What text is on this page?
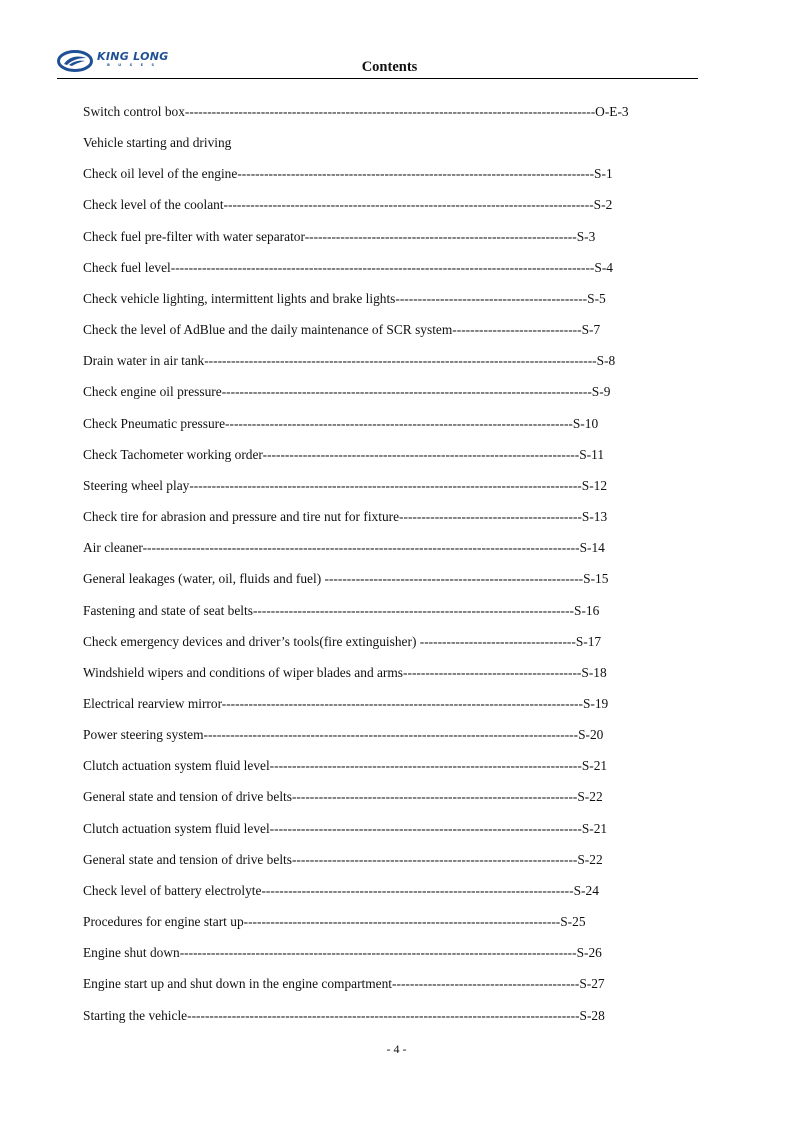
KING LONG
BUSES	Contents
Switch control box--------------------------------------------------------------------------------------------O-E-3
Vehicle starting and driving
Check oil level of the engine--------------------------------------------------------------------------------S-1
Check level of the coolant-----------------------------------------------------------------------------------S-2
Check fuel pre-filter with water separator-------------------------------------------------------------S-3
Check fuel level-----------------------------------------------------------------------------------------------S-4
Check vehicle lighting, intermittent lights and brake lights-------------------------------------------S-5
Check the level of AdBlue and the daily maintenance of SCR system-----------------------------S-7
Drain water in air tank----------------------------------------------------------------------------------------S-8
Check engine oil pressure-----------------------------------------------------------------------------------S-9
Check Pneumatic pressure------------------------------------------------------------------------------S-10
Check Tachometer working order-----------------------------------------------------------------------S-11
Steering wheel play----------------------------------------------------------------------------------------S-12
Check tire for abrasion and pressure and tire nut for fixture-----------------------------------------S-13
Air cleaner--------------------------------------------------------------------------------------------------S-14
General leakages (water, oil, fluids and fuel) ----------------------------------------------------------S-15
Fastening and state of seat belts------------------------------------------------------------------------S-16
Check emergency devices and driver’s tools(fire extinguisher) -----------------------------------S-17
Windshield wipers and conditions of wiper blades and arms----------------------------------------S-18
Electrical rearview mirror---------------------------------------------------------------------------------S-19
Power steering system------------------------------------------------------------------------------------S-20
Clutch actuation system fluid level----------------------------------------------------------------------S-21
General state and tension of drive belts----------------------------------------------------------------S-22
Clutch actuation system fluid level----------------------------------------------------------------------S-21
General state and tension of drive belts----------------------------------------------------------------S-22
Check level of battery electrolyte----------------------------------------------------------------------S-24
Procedures for engine start up-----------------------------------------------------------------------S-25
Engine shut down-----------------------------------------------------------------------------------------S-26
Engine start up and shut down in the engine compartment------------------------------------------S-27
Starting the vehicle----------------------------------------------------------------------------------------S-28
- 4 -
